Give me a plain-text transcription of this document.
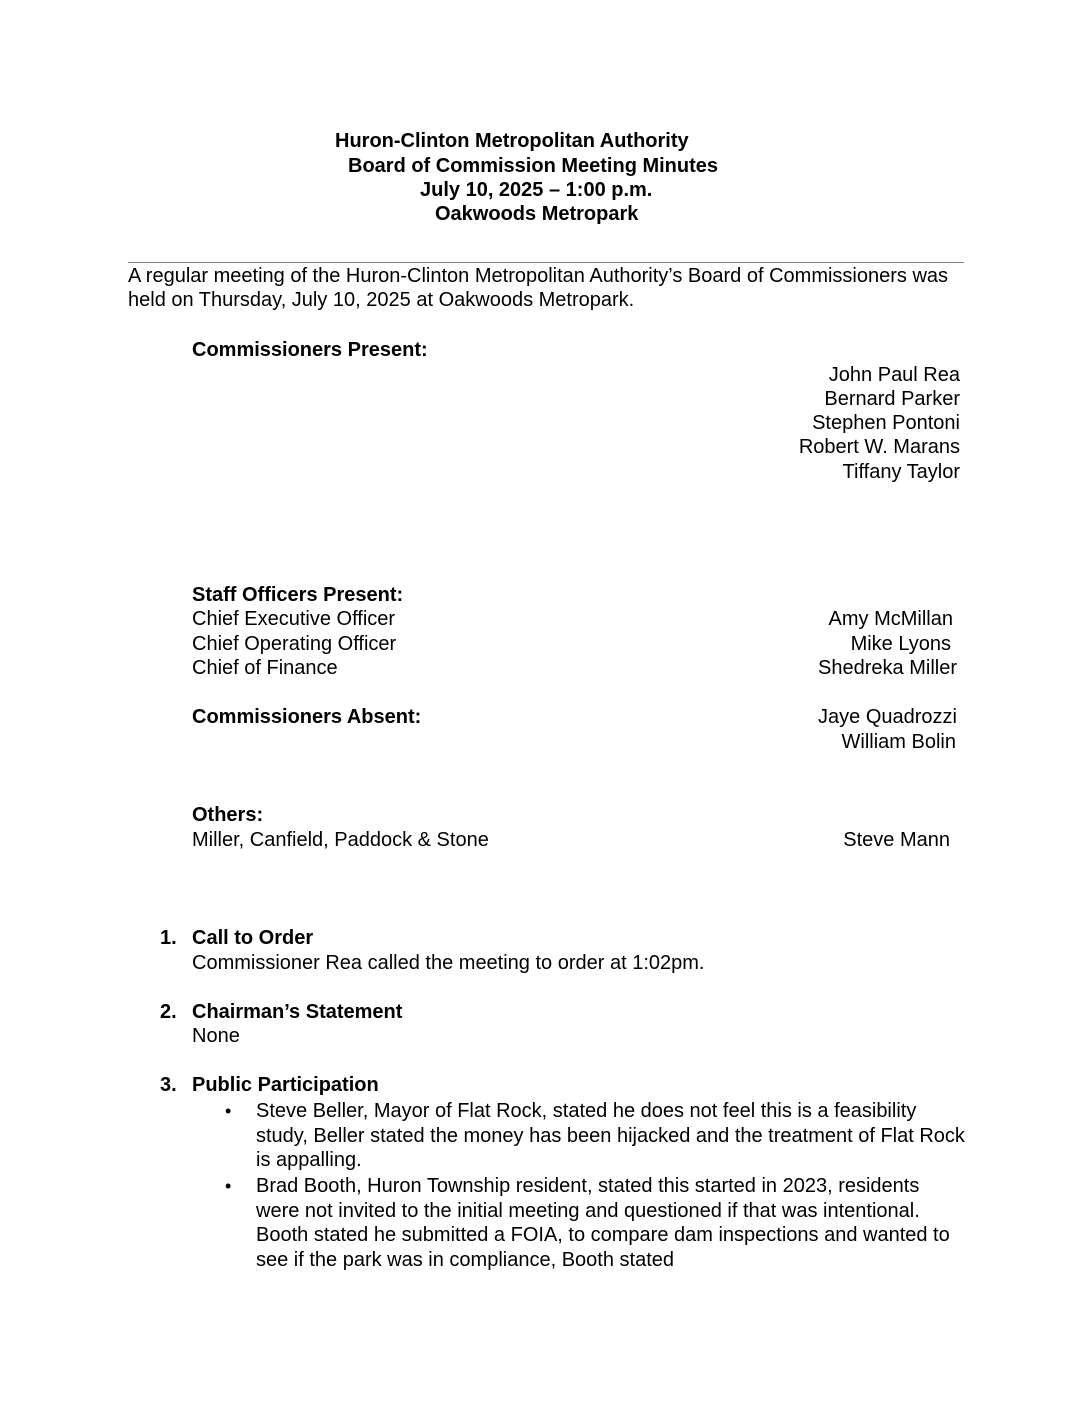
Huron-Clinton Metropolitan Authority
Board of Commission Meeting Minutes
July 10, 2025 – 1:00 p.m.
Oakwoods Metropark
A regular meeting of the Huron-Clinton Metropolitan Authority’s Board of Commissioners was held on Thursday, July 10, 2025 at Oakwoods Metropark.
Commissioners Present:
John Paul Rea
Bernard Parker
Stephen Pontoni
Robert W. Marans
Tiffany Taylor
Staff Officers Present:
Chief Executive Officer	Amy McMillan
Chief Operating Officer	Mike Lyons
Chief of Finance	Shedreka Miller
Commissioners Absent:	Jaye Quadrozzi
William Bolin
Others:
Miller, Canfield, Paddock & Stone	Steve Mann
1. Call to Order
Commissioner Rea called the meeting to order at 1:02pm.
2. Chairman’s Statement
None
3. Public Participation
• Steve Beller, Mayor of Flat Rock, stated he does not feel this is a feasibility study, Beller stated the money has been hijacked and the treatment of Flat Rock is appalling.
• Brad Booth, Huron Township resident, stated this started in 2023, residents were not invited to the initial meeting and questioned if that was intentional. Booth stated he submitted a FOIA, to compare dam inspections and wanted to see if the park was in compliance, Booth stated
